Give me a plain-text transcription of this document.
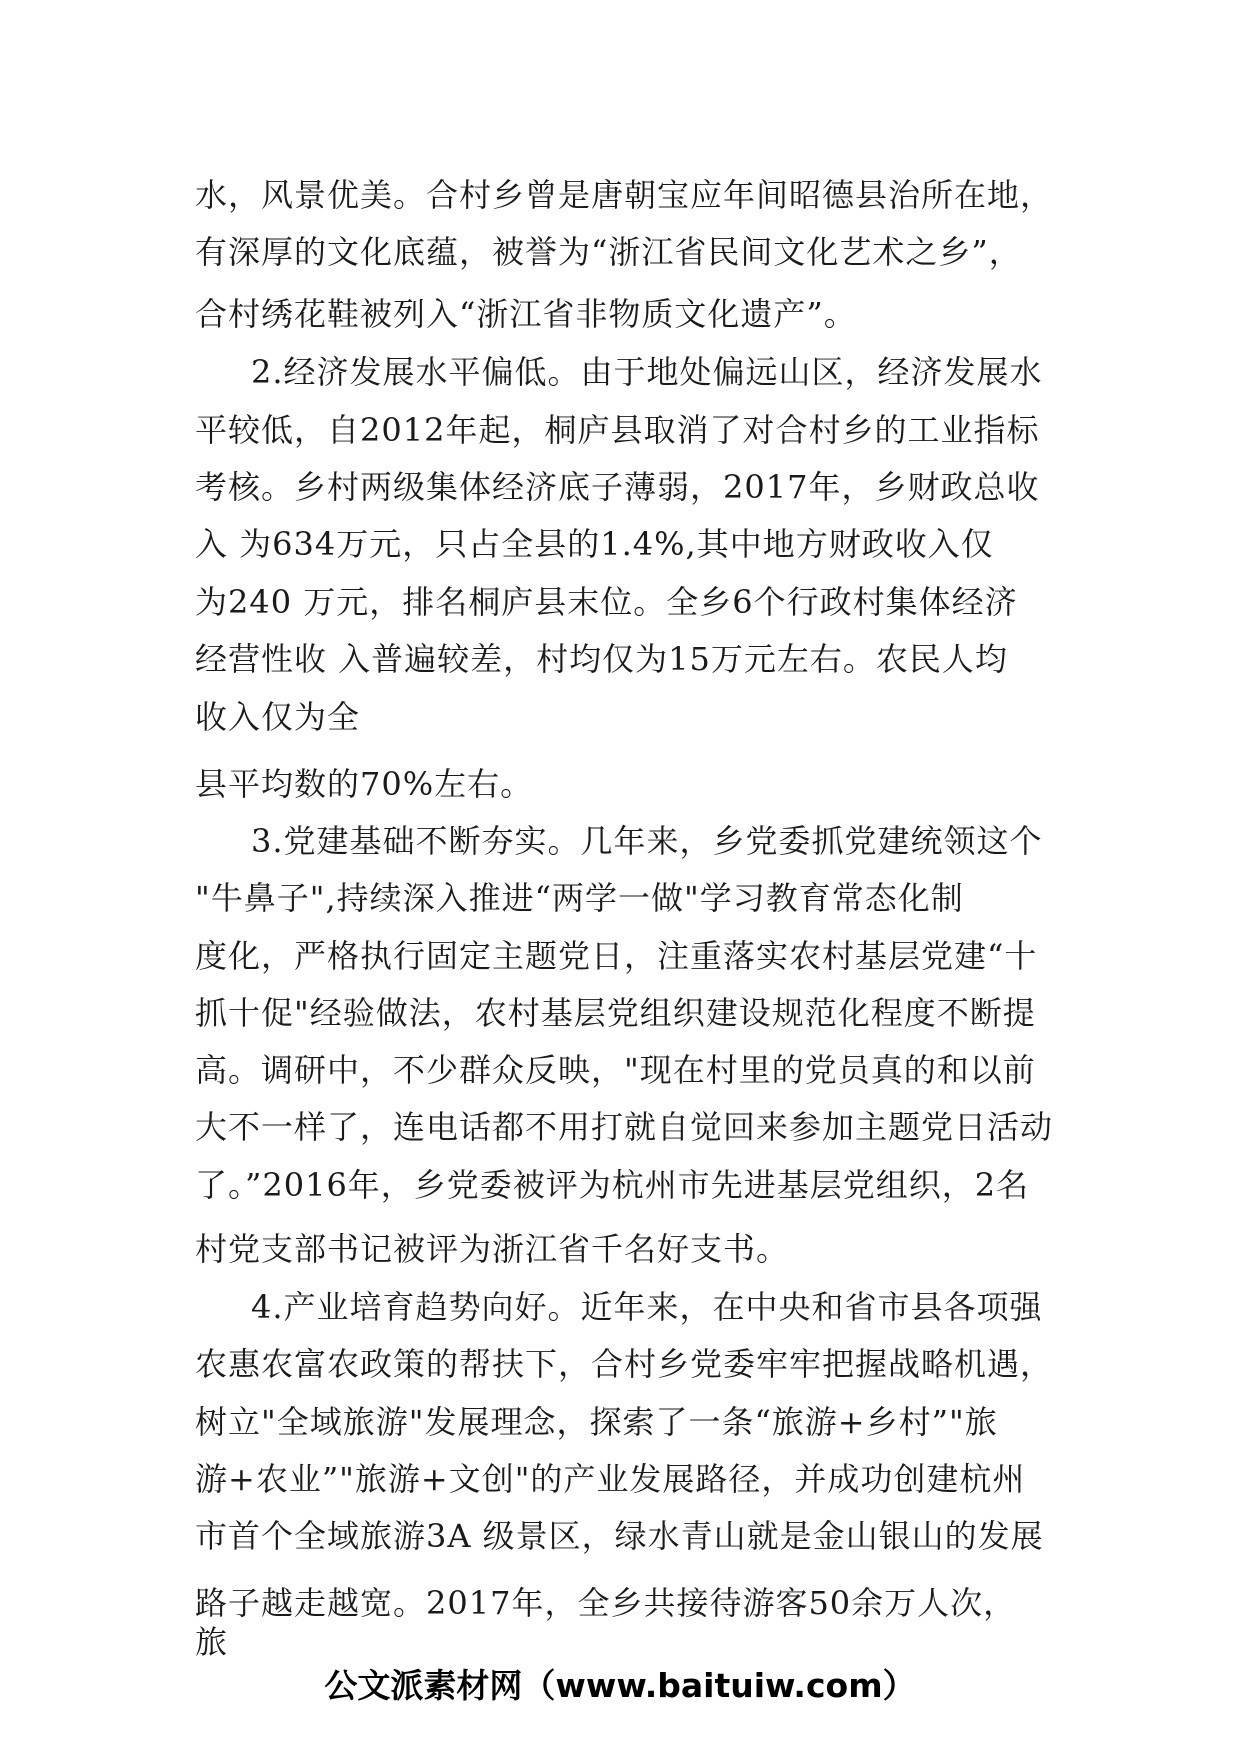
水，风景优美。合村乡曾是唐朝宝应年间昭德县治所在地，

有深厚的文化底蕴，被誉为“浙江省民间文化艺术之乡”，

合村绣花鞋被列入“浙江省非物质文化遗产”。

2.经济发展水平偏低。由于地处偏远山区，经济发展水

平较低，自2012年起，桐庐县取消了对合村乡的工业指标

考核。乡村两级集体经济底子薄弱，2017年，乡财政总收

入 为634万元，只占全县的1.4%,其中地方财政收入仅

为240 万元，排名桐庐县末位。全乡6个行政村集体经济

经营性收 入普遍较差，村均仅为15万元左右。农民人均

收入仅为全

县平均数的70%左右。

3.党建基础不断夯实。几年来，乡党委抓党建统领这个

"牛鼻子",持续深入推进“两学一做"学习教育常态化制

度化，严格执行固定主题党日，注重落实农村基层党建“十

抓十促"经验做法，农村基层党组织建设规范化程度不断提

高。调研中，不少群众反映，"现在村里的党员真的和以前

大不一样了，连电话都不用打就自觉回来参加主题党日活动

了。”2016年，乡党委被评为杭州市先进基层党组织，2名

村党支部书记被评为浙江省千名好支书。

4.产业培育趋势向好。近年来，在中央和省市县各项强

农惠农富农政策的帮扶下，合村乡党委牢牢把握战略机遇，

树立"全域旅游"发展理念，探索了一条“旅游+乡村”"旅

游+农业”"旅游+文创"的产业发展路径，并成功创建杭州

市首个全域旅游3A 级景区，绿水青山就是金山银山的发展

路子越走越宽。2017年，全乡共接待游客50余万人次，

旅

公文派素材网（www.baituiw.com）
